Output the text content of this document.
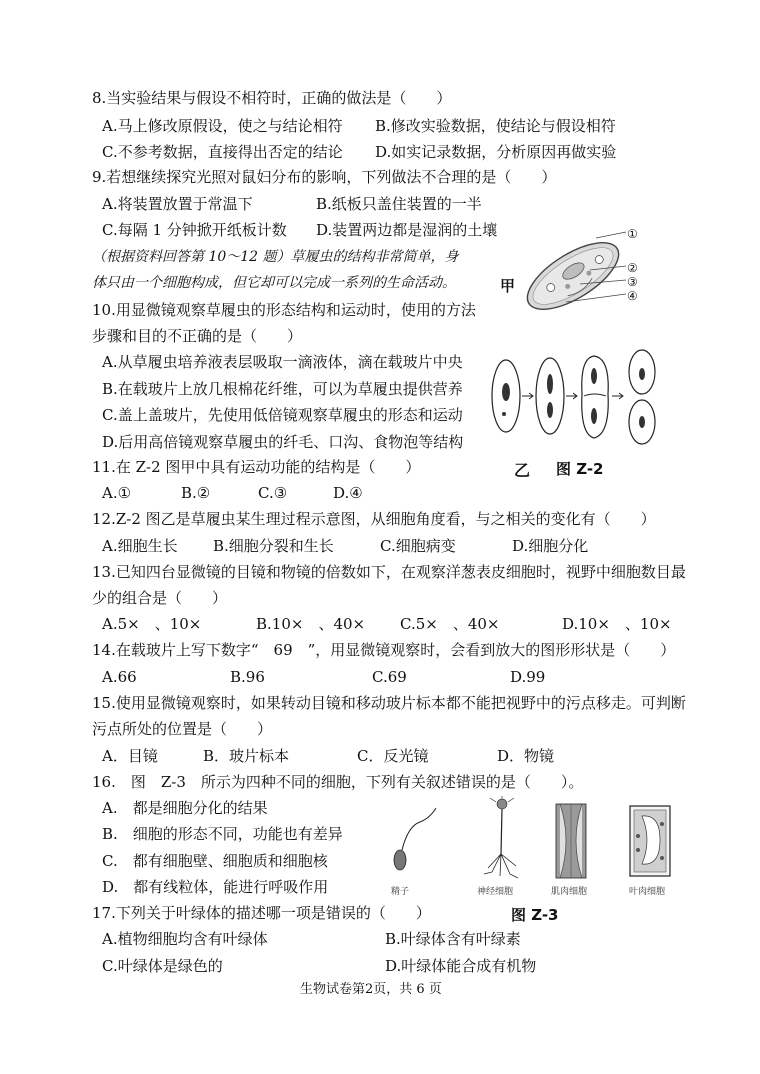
8.当实验结果与假设不相符时，正确的做法是（　　）
A.马上修改原假设，使之与结论相符 B.修改实验数据，使结论与假设相符
C.不参考数据，直接得出否定的结论 D.如实记录数据，分析原因再做实验
9.若想继续探究光照对鼠妇分布的影响，下列做法不合理的是（　　）
A.将装置放置于常温下	B.纸板只盖住装置的一半
C.每隔 1 分钟掀开纸板计数 D.装置两边都是湿润的土壤
（根据资料回答第 10～12 题）草履虫的结构非常简单，身
体只由一个细胞构成，但它却可以完成一系列的生命活动。
10.用显微镜观察草履虫的形态结构和运动时，使用的方法
步骤和目的不正确的是（　　）
A.从草履虫培养液表层吸取一滴液体，滴在载玻片中央
B.在载玻片上放几根棉花纤维，可以为草履虫提供营养
C.盖上盖玻片，先使用低倍镜观察草履虫的形态和运动
D.后用高倍镜观察草履虫的纤毛、口沟、食物泡等结构
甲
①
②
③
④
乙 图 Z-2
11.在 Z-2 图甲中具有运动功能的结构是（　　）
A.①	B.②	C.③	D.④
12.Z-2 图乙是草履虫某生理过程示意图，从细胞角度看，与之相关的变化有（　　）
A.细胞生长 B.细胞分裂和生长	C.细胞病变	D.细胞分化
13.已知四台显微镜的目镜和物镜的倍数如下，在观察洋葱表皮细胞时，视野中细胞数目最
少的组合是（　　）
A.5×　、10×	B.10×　、40× C.5×　、40×	D.10×　、10×
14.在载玻片上写下数字“　69　”，用显微镜观察时，会看到放大的图形形状是（　　）
A.66	B.96	C.69	D.99
15.使用显微镜观察时，如果转动目镜和移动玻片标本都不能把视野中的污点移走。可判断
污点所处的位置是（　　）
A．目镜	B．玻片标本	C．反光镜	D．物镜
16.　图　Z-3　所示为四种不同的细胞，下列有关叙述错误的是（　　）。
A.　都是细胞分化的结果
B.　细胞的形态不同，功能也有差异
C.　都有细胞壁、细胞质和细胞核
D.　都有线粒体，能进行呼吸作用	精子	神经细胞	肌肉细胞	叶肉细胞
图 Z-3
17.下列关于叶绿体的描述哪一项是错误的（　　）
A.植物细胞均含有叶绿体	B.叶绿体含有叶绿素
C.叶绿体是绿色的	D.叶绿体能合成有机物
生物试卷第2页，共 6 页
